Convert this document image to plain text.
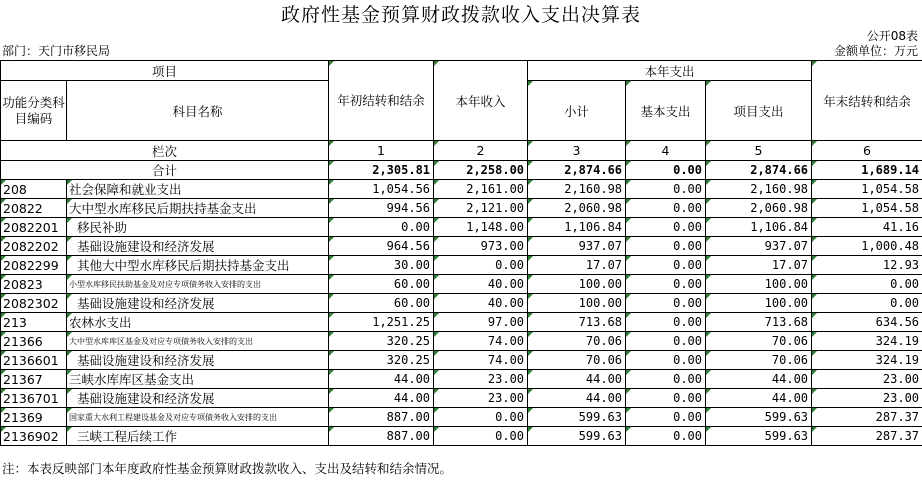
政府性基金预算财政拨款收入支出决算表
公开08表
部门：天门市移民局	金额单位：万元
项目		年初结转和结余	本年收入	本年支出			年末结转和结余
功能分类科目编码	科目名称			小计	基本支出	项目支出	
栏次		1	2	3	4	5	6
合计		2,305.81	2,258.00	2,874.66	0.00	2,874.66	1,689.14
208	社会保障和就业支出	1,054.56	2,161.00	2,160.98	0.00	2,160.98	1,054.58
20822	大中型水库移民后期扶持基金支出	994.56	2,121.00	2,060.98	0.00	2,060.98	1,054.58
2082201	移民补助	0.00	1,148.00	1,106.84	0.00	1,106.84	41.16
2082202	基础设施建设和经济发展	964.56	973.00	937.07	0.00	937.07	1,000.48
2082299	其他大中型水库移民后期扶持基金支出	30.00	0.00	17.07	0.00	17.07	12.93
20823	小型水库移民扶助基金及对应专项债务收入安排的支出	60.00	40.00	100.00	0.00	100.00	0.00
2082302	基础设施建设和经济发展	60.00	40.00	100.00	0.00	100.00	0.00
213	农林水支出	1,251.25	97.00	713.68	0.00	713.68	634.56
21366	大中型水库库区基金及对应专项债务收入安排的支出	320.25	74.00	70.06	0.00	70.06	324.19
2136601	基础设施建设和经济发展	320.25	74.00	70.06	0.00	70.06	324.19
21367	三峡水库库区基金支出	44.00	23.00	44.00	0.00	44.00	23.00
2136701	基础设施建设和经济发展	44.00	23.00	44.00	0.00	44.00	23.00
21369	国家重大水利工程建设基金及对应专项债务收入安排的支出	887.00	0.00	599.63	0.00	599.63	287.37
2136902	三峡工程后续工作	887.00	0.00	599.63	0.00	599.63	287.37
注：本表反映部门本年度政府性基金预算财政拨款收入、支出及结转和结余情况。
